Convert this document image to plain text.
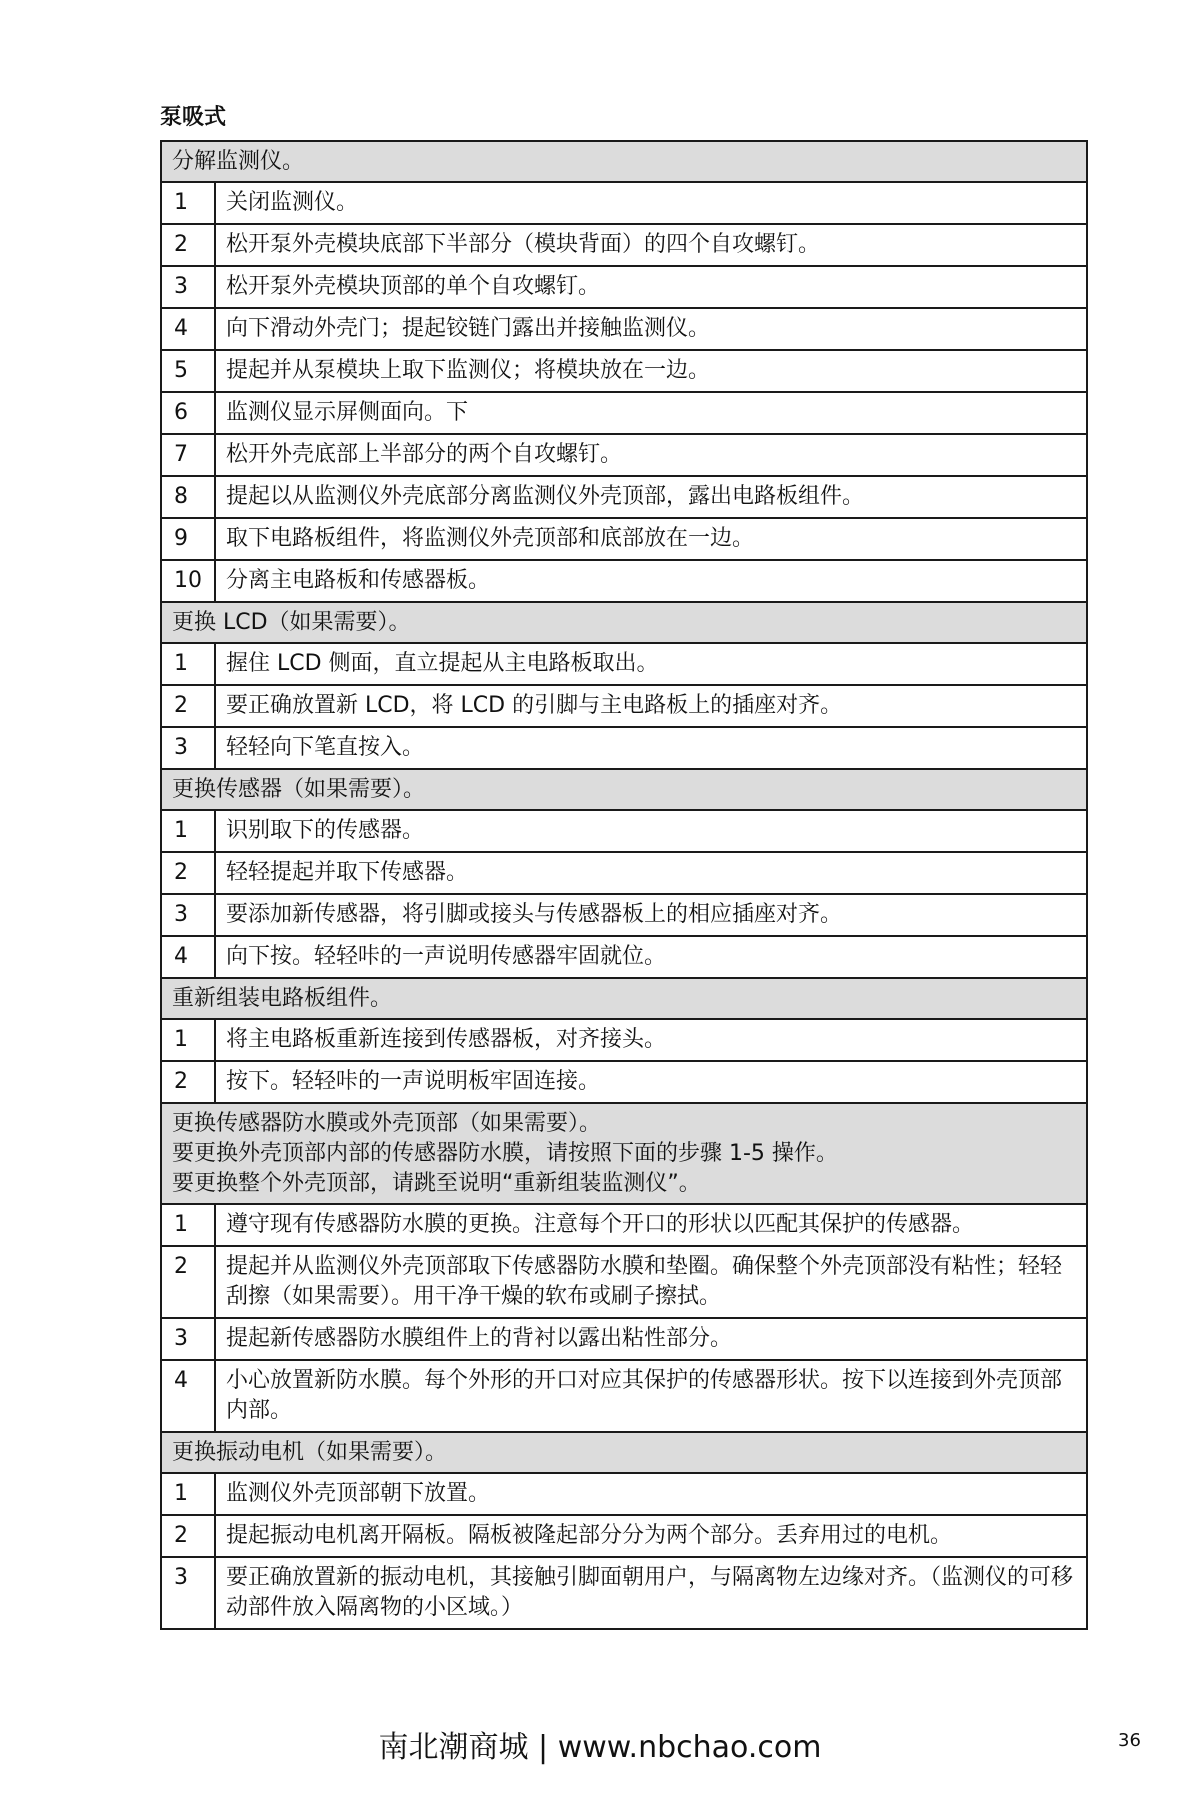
泵吸式
分解监测仪。	

1	关闭监测仪。
2	松开泵外壳模块底部下半部分（模块背面）的四个自攻螺钉。
3	松开泵外壳模块顶部的单个自攻螺钉。
4	向下滑动外壳门；提起铰链门露出并接触监测仪。
5	提起并从泵模块上取下监测仪；将模块放在一边。
6	监测仪显示屏侧面向。下
7	松开外壳底部上半部分的两个自攻螺钉。
8	提起以从监测仪外壳底部分离监测仪外壳顶部，露出电路板组件。
9	取下电路板组件，将监测仪外壳顶部和底部放在一边。
10	分离主电路板和传感器板。

更换 LCD（如果需要）。	

1	握住 LCD 侧面，直立提起从主电路板取出。
2	要正确放置新 LCD，将 LCD 的引脚与主电路板上的插座对齐。
3	轻轻向下笔直按入。

更换传感器（如果需要）。	

1	识别取下的传感器。
2	轻轻提起并取下传感器。
3	要添加新传感器，将引脚或接头与传感器板上的相应插座对齐。
4	向下按。轻轻咔的一声说明传感器牢固就位。

重新组装电路板组件。	

1	将主电路板重新连接到传感器板，对齐接头。
2	按下。轻轻咔的一声说明板牢固连接。

更换传感器防水膜或外壳顶部（如果需要）。
要更换外壳顶部内部的传感器防水膜，请按照下面的步骤 1-5 操作。
要更换整个外壳顶部，请跳至说明“重新组装监测仪”。	

1	遵守现有传感器防水膜的更换。注意每个开口的形状以匹配其保护的传感器。
2	提起并从监测仪外壳顶部取下传感器防水膜和垫圈。确保整个外壳顶部没有粘性；轻轻刮擦（如果需要）。用干净干燥的软布或刷子擦拭。
3	提起新传感器防水膜组件上的背衬以露出粘性部分。
4	小心放置新防水膜。每个外形的开口对应其保护的传感器形状。按下以连接到外壳顶部内部。

更换振动电机（如果需要）。	

1	监测仪外壳顶部朝下放置。
2	提起振动电机离开隔板。隔板被隆起部分分为两个部分。丢弃用过的电机。
3	要正确放置新的振动电机，其接触引脚面朝用户，与隔离物左边缘对齐。（监测仪的可移动部件放入隔离物的小区域。）
南北潮商城 | www.nbchao.com	36
